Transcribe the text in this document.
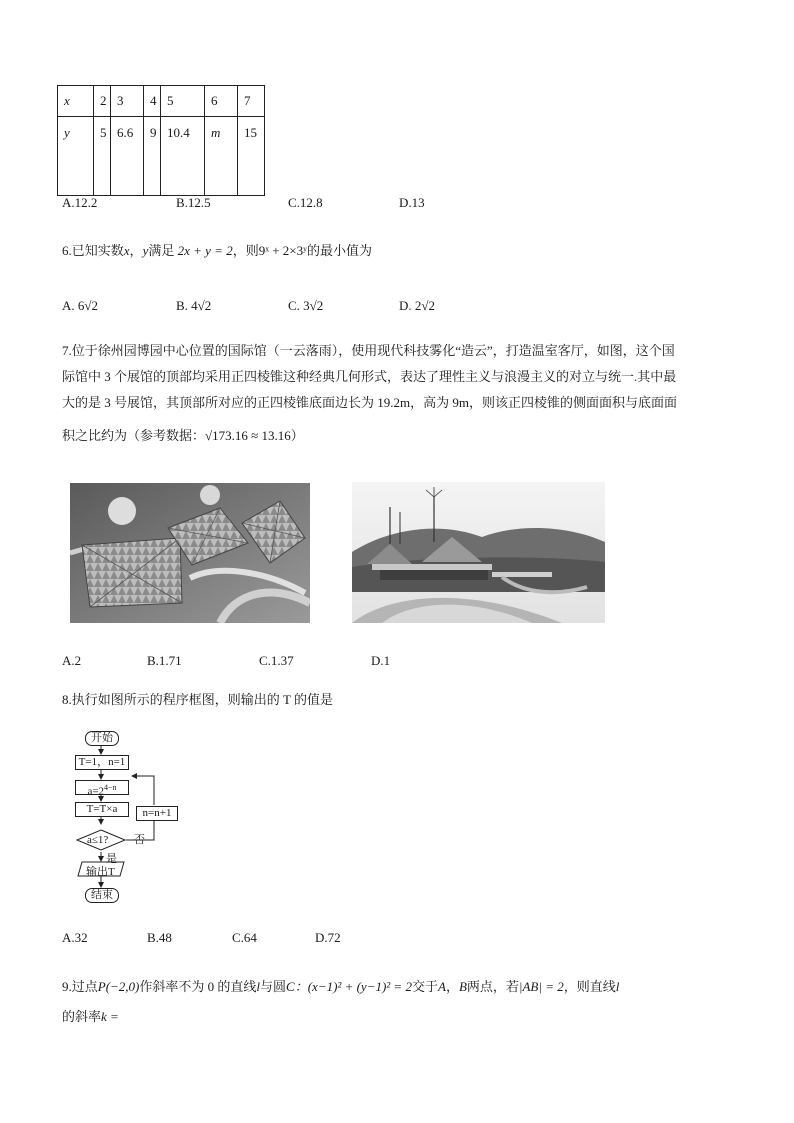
x	2	3	4	5	6	7
y	5	6.6	9	10.4	m	15
A.12.2	B.12.5	C.12.8	D.13
6.已知实数x，y满足 2x + y = 2，则9ˣ + 2×3ʸ的最小值为
A. 6√2	B. 4√2	C. 3√2	D. 2√2
7.位于徐州园博园中心位置的国际馆（一云落雨），使用现代科技雾化“造云”，打造温室客厅，如图，这个国
际馆中 3 个展馆的顶部均采用正四棱锥这种经典几何形式，表达了理性主义与浪漫主义的对立与统一.其中最
大的是 3 号展馆，其顶部所对应的正四棱锥底面边长为 19.2m，高为 9m，则该正四棱锥的侧面面积与底面面
积之比约为（参考数据：√173.16 ≈ 13.16）
A.2	B.1.71	C.1.37	D.1
8.执行如图所示的程序框图，则输出的 T 的值是
开始
T=1，n=1
$a=2^{4-n}$
T=T×a
a≤1?
n=n+1
是
否
输出T
结束
A.32	B.48	C.64	D.72
9.过点P(−2,0)作斜率不为 0 的直线l与圆C：(x−1)² + (y−1)² = 2交于A，B两点，若|AB| = 2，则直线l
的斜率k =
